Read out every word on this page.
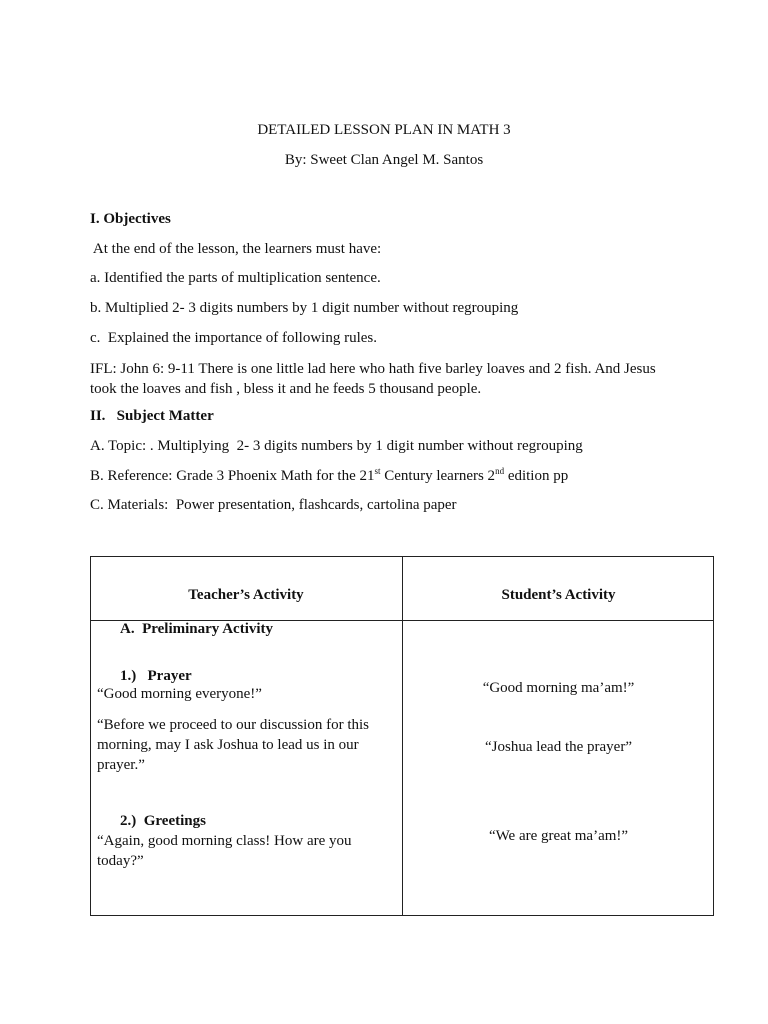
DETAILED LESSON PLAN IN MATH 3
By: Sweet Clan Angel M. Santos
I. Objectives
At the end of the lesson, the learners must have:
a. Identified the parts of multiplication sentence.
b. Multiplied 2- 3 digits numbers by 1 digit number without regrouping
c.  Explained the importance of following rules.
IFL: John 6: 9-11 There is one little lad here who hath five barley loaves and 2 fish. And Jesus took the loaves and fish , bless it and he feeds 5 thousand people.
II.   Subject Matter
A. Topic: . Multiplying  2- 3 digits numbers by 1 digit number without regrouping
B. Reference: Grade 3 Phoenix Math for the 21st Century learners 2nd edition pp
C. Materials:  Power presentation, flashcards, cartolina paper
Teacher’s Activity	Student’s Activity
A.  Preliminary Activity
1.)   Prayer
“Good morning everyone!”
“Before we proceed to our discussion for this morning, may I ask Joshua to lead us in our prayer.”
“Good morning ma’am!”
“Joshua lead the prayer”
2.)  Greetings
“Again, good morning class! How are you today?”
“We are great ma’am!”
